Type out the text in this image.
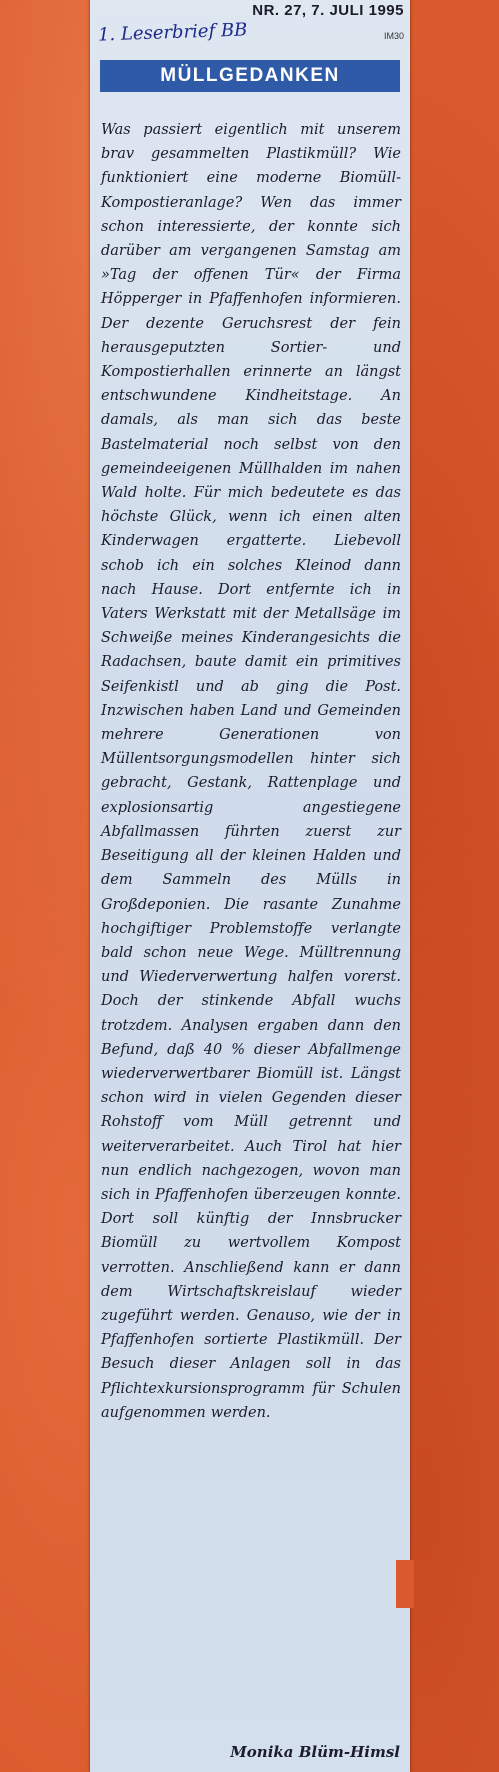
NR. 27, 7. JULI 1995
1. Leserbrief BB	IM30
MÜLLGEDANKEN

Was passiert eigentlich mit unserem brav gesammelten Plastikmüll? Wie funktioniert eine moderne Biomüll-Kompostieranlage? Wen das immer schon interessierte, der konnte sich darüber am vergangenen Samstag am »Tag der offenen Tür« der Firma Höpperger in Pfaffenhofen informieren. Der dezente Geruchsrest der fein herausgeputzten Sortier- und Kompostierhallen erinnerte an längst entschwundene Kindheitstage. An damals, als man sich das beste Bastelmaterial noch selbst von den gemeindeeigenen Müllhalden im nahen Wald holte. Für mich bedeutete es das höchste Glück, wenn ich einen alten Kinderwagen ergatterte. Liebevoll schob ich ein solches Kleinod dann nach Hause. Dort entfernte ich in Vaters Werkstatt mit der Metallsäge im Schweiße meines Kinderangesichts die Radachsen, baute damit ein primitives Seifenkistl und ab ging die Post. Inzwischen haben Land und Gemeinden mehrere Generationen von Müllentsorgungsmodellen hinter sich gebracht, Gestank, Rattenplage und explosionsartig angestiegene Abfallmassen führten zuerst zur Beseitigung all der kleinen Halden und dem Sammeln des Mülls in Großdeponien. Die rasante Zunahme hochgiftiger Problemstoffe verlangte bald schon neue Wege. Mülltrennung und Wiederverwertung halfen vorerst. Doch der stinkende Abfall wuchs trotzdem. Analysen ergaben dann den Befund, daß 40 % dieser Abfallmenge wiederverwertbarer Biomüll ist. Längst schon wird in vielen Gegenden dieser Rohstoff vom Müll getrennt und weiterverarbeitet. Auch Tirol hat hier nun endlich nachgezogen, wovon man sich in Pfaffenhofen überzeugen konnte. Dort soll künftig der Innsbrucker Biomüll zu wertvollem Kompost verrotten. Anschließend kann er dann dem Wirtschaftskreislauf wieder zugeführt werden. Genauso, wie der in Pfaffenhofen sortierte Plastikmüll. Der Besuch dieser Anlagen soll in das Pflichtexkursionsprogramm für Schulen aufgenommen werden.

Monika Blüm-Himsl
